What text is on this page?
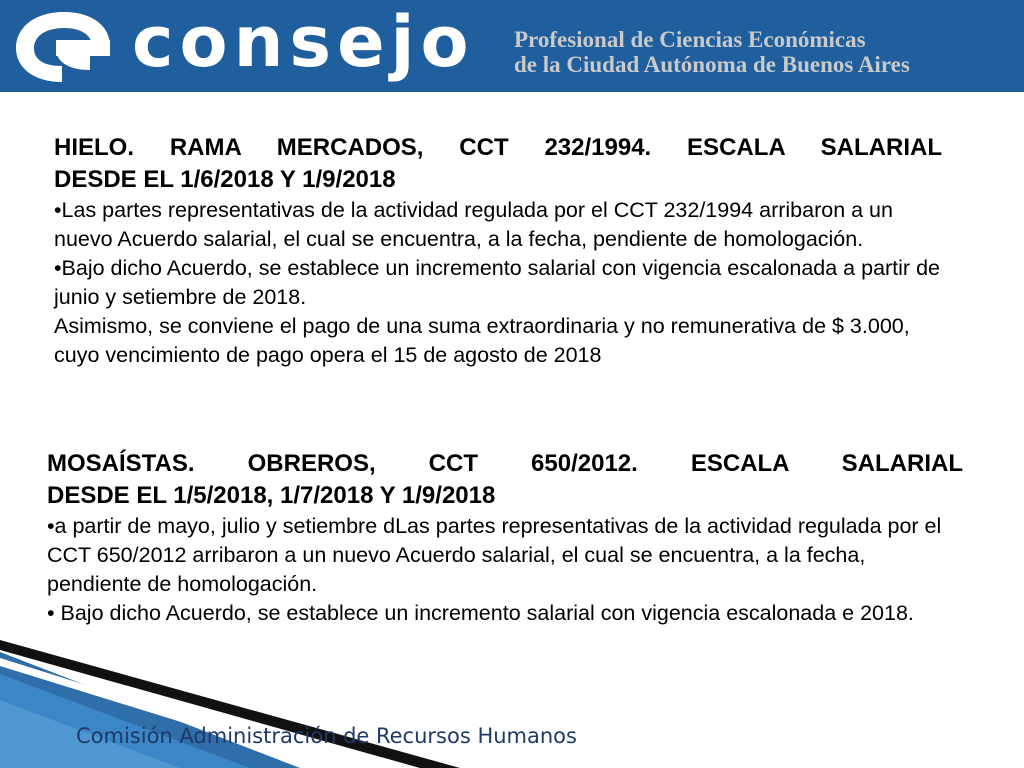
consejo Profesional de Ciencias Económicas
de la Ciudad Autónoma de Buenos Aires
HIELO. RAMA MERCADOS, CCT 232/1994. ESCALA SALARIAL
DESDE EL 1/6/2018 Y 1/9/2018
•Las partes representativas de la actividad regulada por el CCT 232/1994 arribaron a un nuevo Acuerdo salarial, el cual se encuentra, a la fecha, pendiente de homologación.
•Bajo dicho Acuerdo, se establece un incremento salarial con vigencia escalonada a partir de junio y setiembre de 2018.
Asimismo, se conviene el pago de una suma extraordinaria y no remunerativa de $ 3.000, cuyo vencimiento de pago opera el 15 de agosto de 2018
MOSAÍSTAS. OBREROS, CCT 650/2012. ESCALA SALARIAL
DESDE EL 1/5/2018, 1/7/2018 Y 1/9/2018
•a partir de mayo, julio y setiembre dLas partes representativas de la actividad regulada por el CCT 650/2012 arribaron a un nuevo Acuerdo salarial, el cual se encuentra, a la fecha, pendiente de homologación.
• Bajo dicho Acuerdo, se establece un incremento salarial con vigencia escalonada e 2018.
Comisión Administración de Recursos Humanos
